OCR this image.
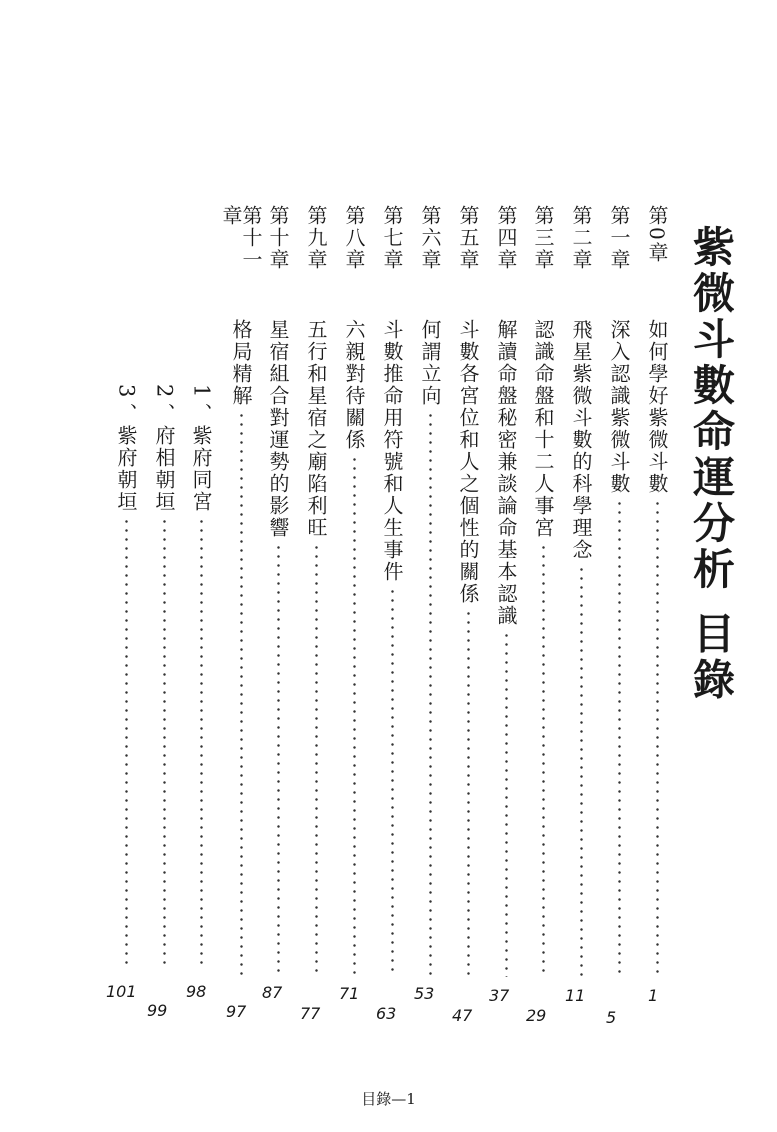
紫微斗數命運分析 目錄
第0章
如何學好紫微斗數
第一章
深入認識紫微斗數
第二章
飛星紫微斗數的科學理念
第三章
認識命盤和十二人事宮
第四章
解讀命盤秘密兼談論命基本認識
第五章
斗數各宮位和人之個性的關係
第六章
何謂立向
第七章
斗數推命用符號和人生事件
第八章
六親對待關係
第九章
五行和星宿之廟陷利旺
第十章
星宿組合對運勢的影響
第十一章
格局精解
1
、紫府同宮
2
、府相朝垣
3
、紫府朝垣
1
5
11
29
37
47
53
63
71
77
87
97
98
99
101
目錄—1
